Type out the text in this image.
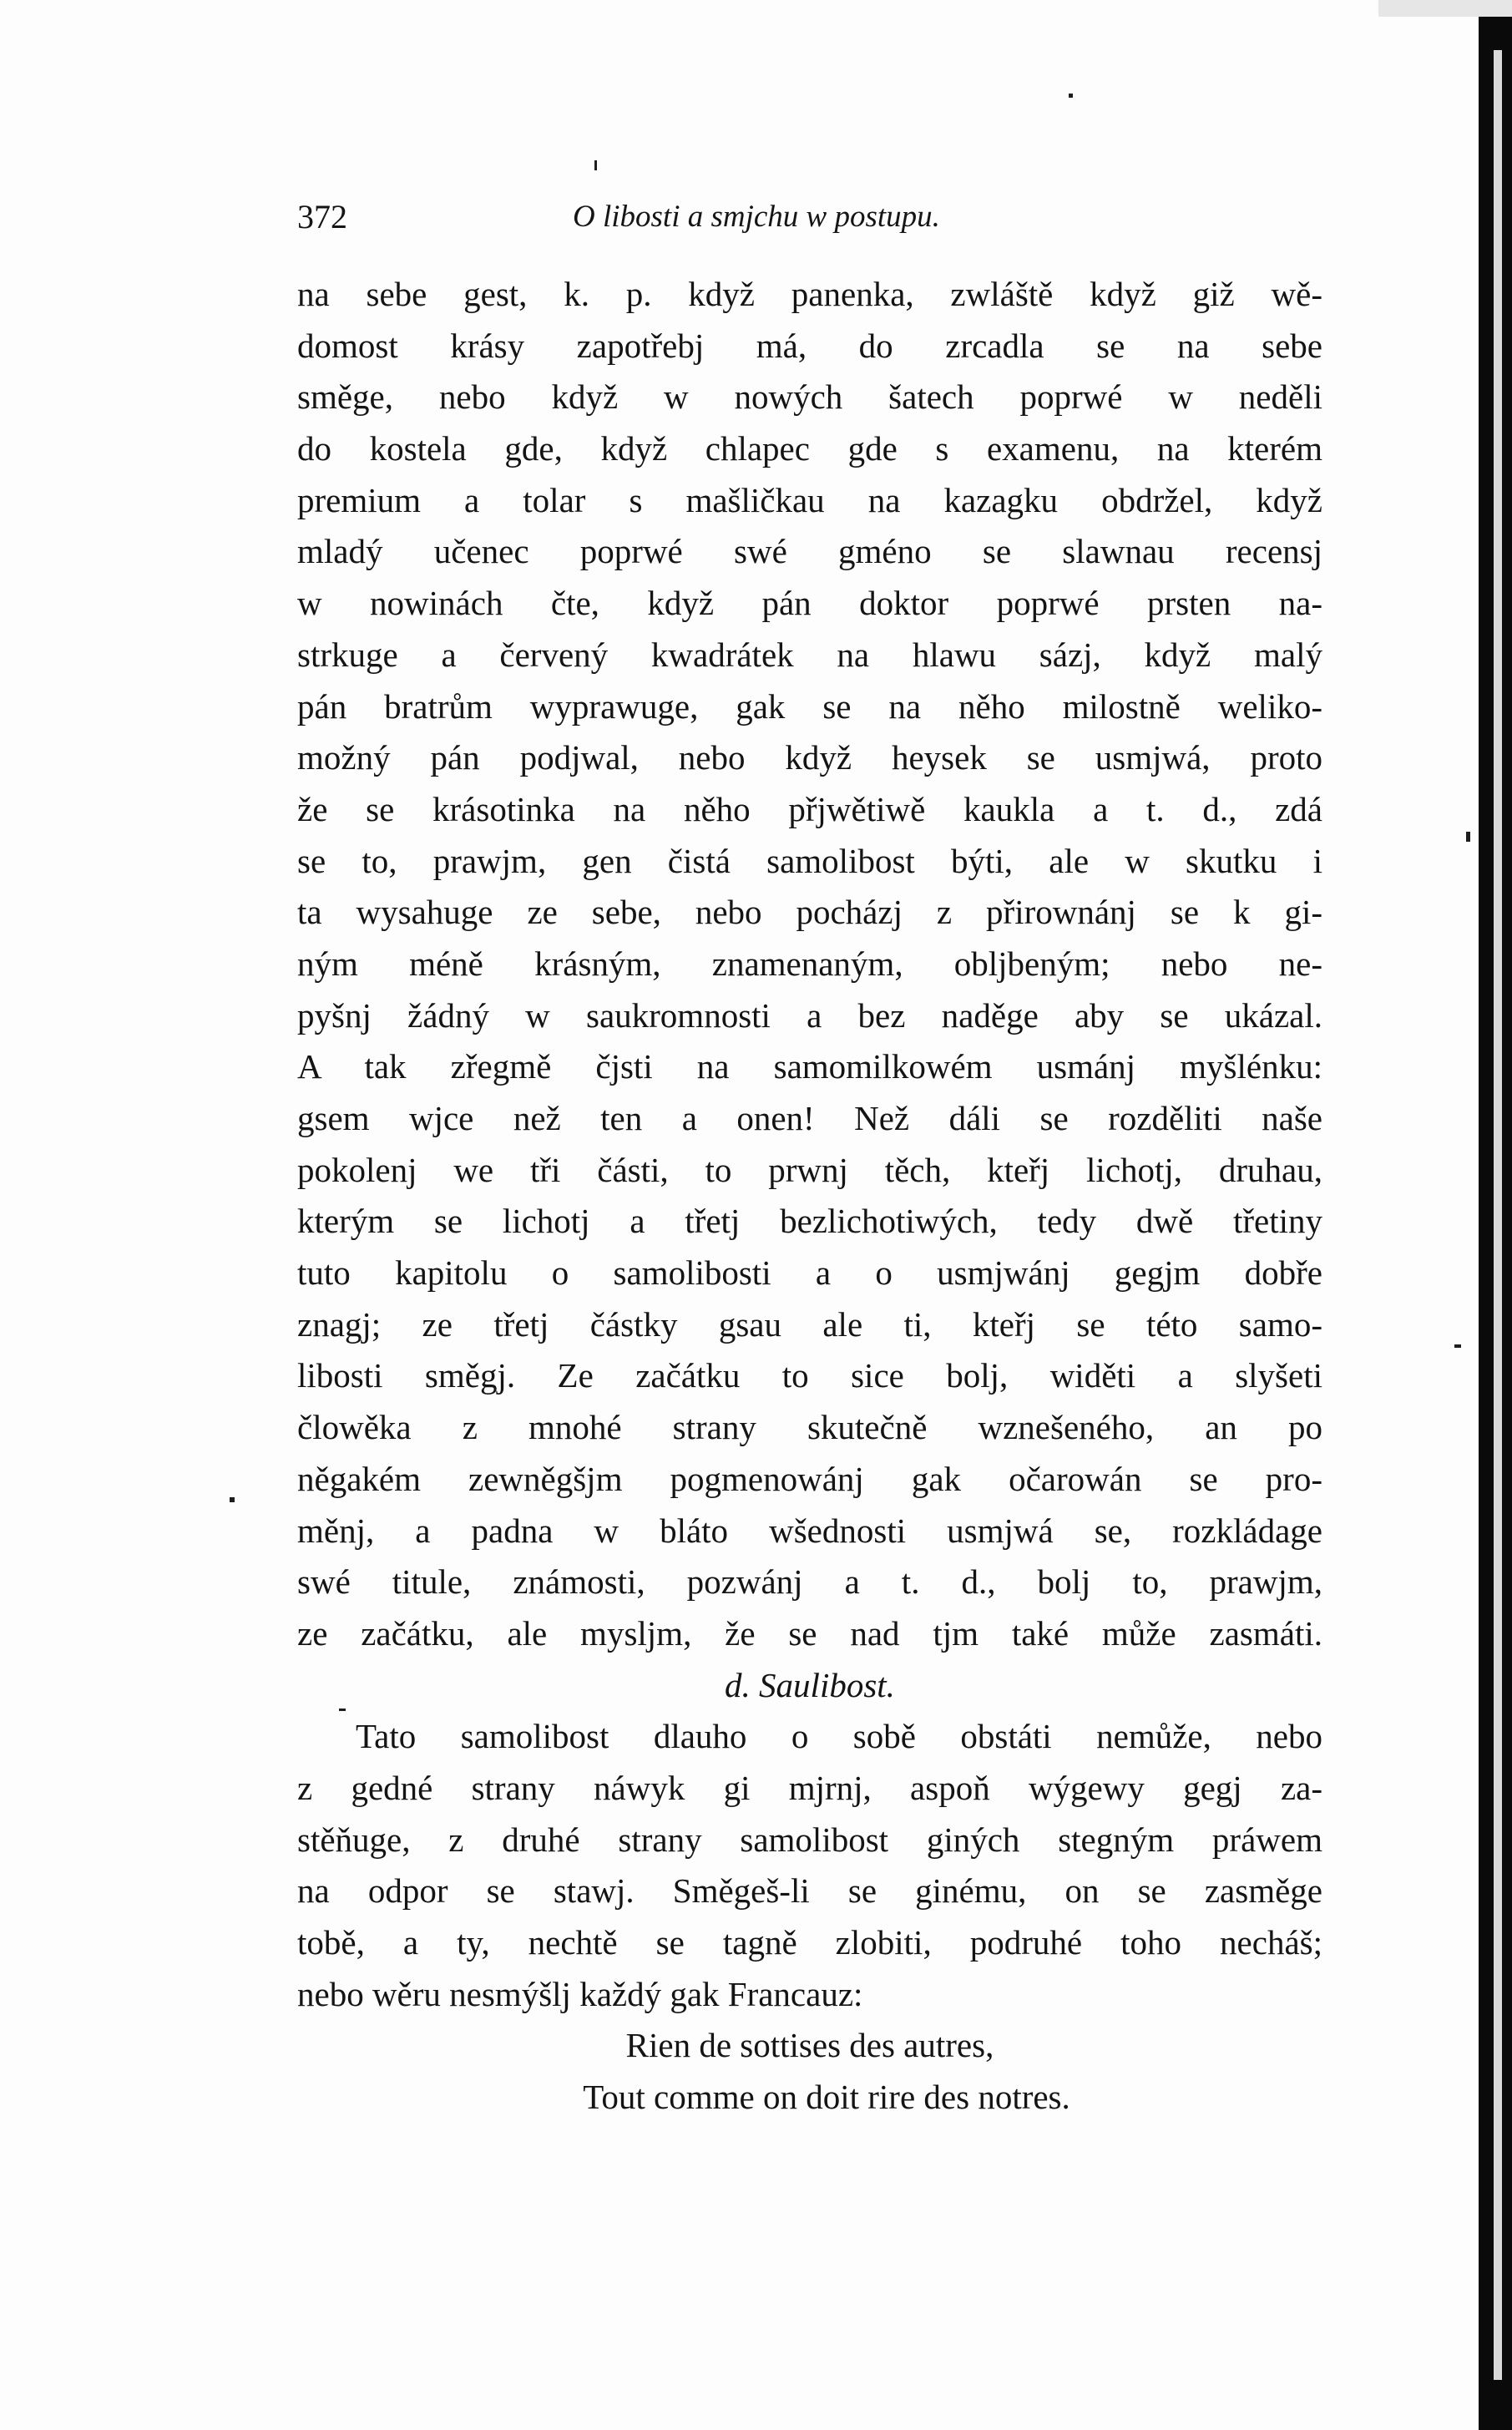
372	O libosti a smjchu w postupu.
na sebe gest, k. p. když panenka, zwláště když giž wě-
domost krásy zapotřebj má, do zrcadla se na sebe
směge, nebo když w nowých šatech poprwé w neděli
do kostela gde, když chlapec gde s examenu, na kterém
premium a tolar s mašličkau na kazagku obdržel, když
mladý učenec poprwé swé gméno se slawnau recensj
w nowinách čte, když pán doktor poprwé prsten na-
strkuge a červený kwadrátek na hlawu sázj, když malý
pán bratrům wyprawuge, gak se na něho milostně weliko-
možný pán podjwal, nebo když heysek se usmjwá, proto
že se krásotinka na něho přjwětiwě kaukla a t. d., zdá
se to, prawjm, gen čistá samolibost býti, ale w skutku i
ta wysahuge ze sebe, nebo pocházj z přirownánj se k gi-
ným méně krásným, znamenaným, oblјbeným; nebo ne-
pyšnj žádný w saukromnosti a bez naděge aby se ukázal.
A tak zřegmě čjsti na samomilkowém usmánj myšlénku:
gsem wjce než ten a onen! Než dáli se rozděliti naše
pokolenj we tři části, to prwnj těch, kteřj lichotj, druhau,
kterým se lichotj a třetj bezlichotiwých, tedy dwě třetiny
tuto kapitolu o samolibosti a o usmjwánj gegjm dobře
znagj; ze třetj částky gsau ale ti, kteřj se této samo-
libosti směgj. Ze začátku to sice bolj, widěti a slyšeti
člowěka z mnohé strany skutečně wznešeného, an po
něgakém zewněgšjm pogmenowánj gak očarowán se pro-
měnj, a padna w bláto wšednosti usmjwá se, rozkládage
swé titule, známosti, pozwánj a t. d., bolj to, prawjm,
ze začátku, ale myslјm, že se nad tjm také může zasmáti.
d. Saulibost.
Tato samolibost dlauho o sobě obstáti nemůže, nebo
z gedné strany náwyk gi mjrnj, aspoň wýgewy gegj za-
stěňuge, z druhé strany samolibost giných stegným práwem
na odpor se stawj. Směgeš-li se ginému, on se zasměge
tobě, a ty, nechtě se tagně zlobiti, podruhé toho necháš;
nebo wěru nesmýšlj každý gak Francauz:
Rien de sottises des autres,
Tout comme on doit rire des notres.
